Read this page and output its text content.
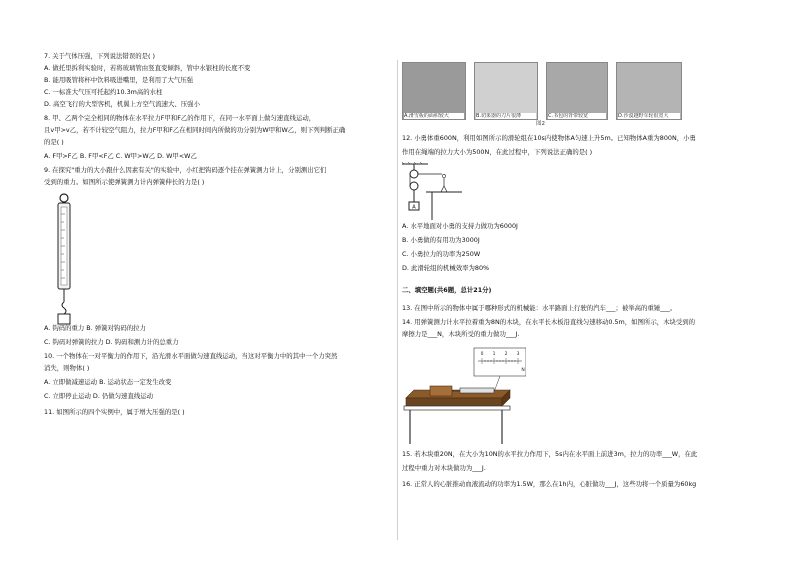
7. 关于气体压强，下列说法错误的是( )
A. 做托里拆利实验时，若将玻璃管由竖直变倾斜，管中水银柱的长度不变
B. 能用吸管将杯中饮料吸进嘴里，是利用了大气压强
C. 一标准大气压可托起约10.3m高的水柱
D. 高空飞行的大型客机，机翼上方空气流速大、压强小
8. 甲、乙两个完全相同的物体在水平拉力F甲和F乙的作用下，在同一水平面上做匀速直线运动，
且v甲>v乙，若不计较空气阻力，拉力F甲和F乙在相同时间内所做的功分别为W甲和W乙，则下列判断正确
的是( )
A. F甲>F乙 B. F甲<F乙 C. W甲>W乙 D. W甲<W乙
9. 在探究"重力的大小跟什么因素有关"的实验中，小红把钩码逐个挂在弹簧测力计上，分别测出它们
受到的重力。如图所示使弹簧测力计内弹簧伸长的力是( )
A. 钩码的重力 B. 弹簧对钩码的拉力
C. 钩码对弹簧的拉力 D. 钩码和测力计的总重力
10. 一个物体在一对平衡力的作用下，沿光滑水平面做匀速直线运动，当这对平衡力中的其中一个力突然
消失，则物体( )
A. 立即做减速运动 B. 运动状态一定发生改变
C. 立即停止运动 D. 仍做匀速直线运动
11. 如图所示的四个实例中，属于增大压强的是( )
A.滑雪板的面积较大	B.切果器的刀片很薄	C.书包的背带较宽	D.沙漠越野车轮很宽大
图2
12. 小勇体重600N，利用如图所示的滑轮组在10s内使物体A匀速上升5m。已知物体A重为800N，小勇
作用在绳端的拉力大小为500N，在此过程中，下列说法正确的是( )
A
A. 水平地面对小勇的支持力做功为6000J
B. 小勇做的有用功为3000J
C. 小勇拉力的功率为250W
D. 此滑轮组的机械效率为80%
二、填空题(共6题，总计21分)
13. 在图中所示的物体中属于哪种形式的机械能：水平路面上行驶的汽车___；被举高的重锤___。
14. 用弹簧测力计水平拉着重为8N的木块，在水平长木板沿直线匀速移动0.5m，如图所示，木块受到的
摩擦力是___N，木块所受的重力做功___J.
0 1 2 3
N
15. 若木块重20N，在大小为10N的水平拉力作用下，5s内在水平面上前进3m，拉力的功率___W，在此
过程中重力对木块做功为___J.
16. 正常人的心脏推动血液流动的功率为1.5W，那么在1h内，心脏做功___J，这些功将一个质量为60kg
